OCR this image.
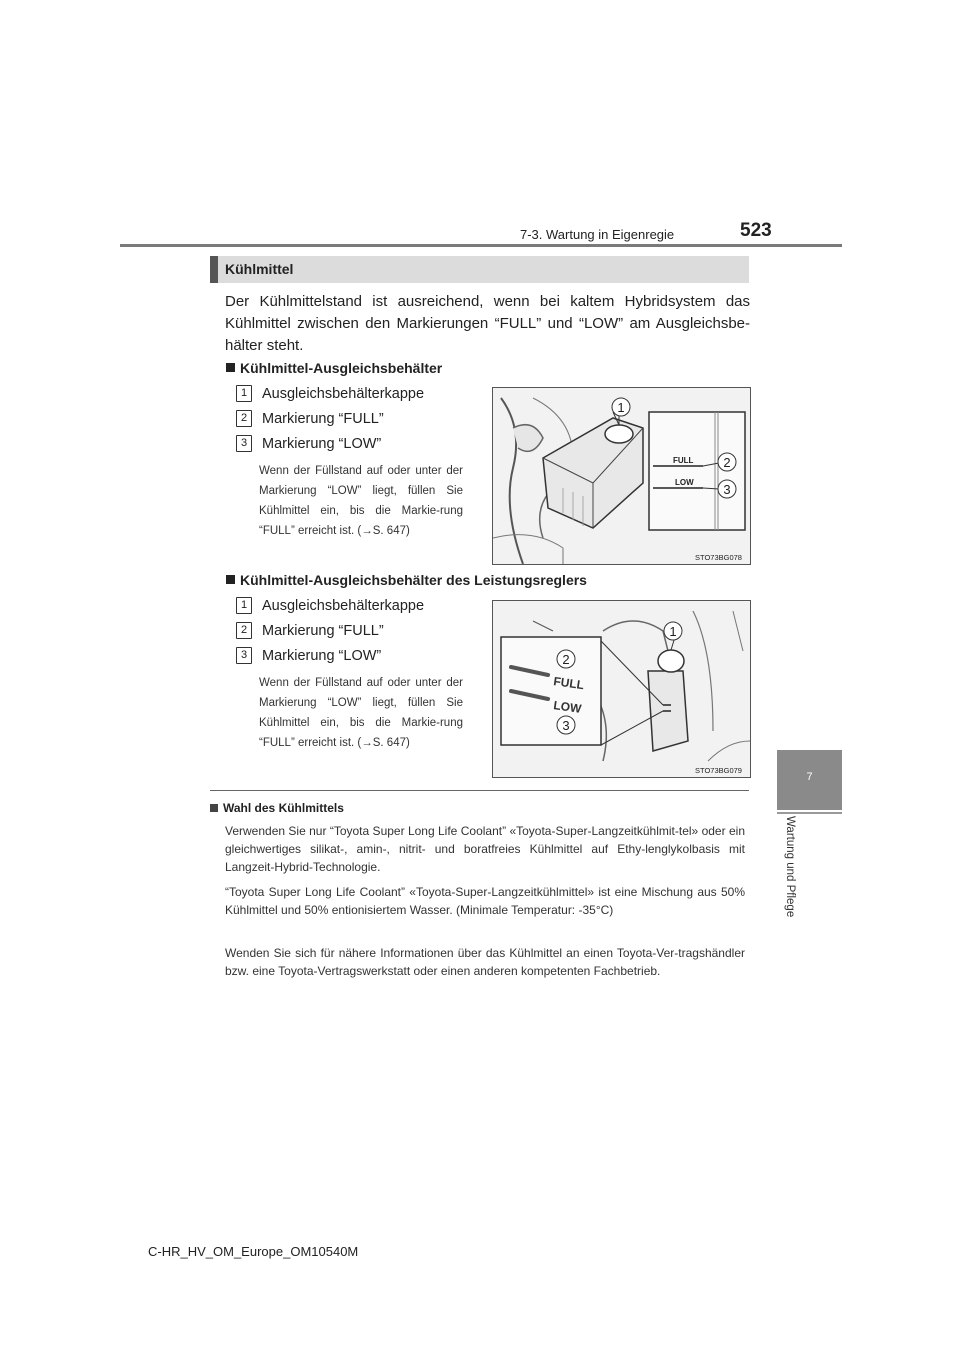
7-3. Wartung in Eigenregie	523
7
Wartung und Pflege
Kühlmittel
Der Kühlmittelstand ist ausreichend, wenn bei kaltem Hybridsystem das Kühlmittel zwischen den Markierungen “FULL” und “LOW” am Ausgleichsbe-hälter steht.
Kühlmittel-Ausgleichsbehälter
1 Ausgleichsbehälterkappe
2 Markierung “FULL”
3 Markierung “LOW”
Wenn der Füllstand auf oder unter der Markierung “LOW” liegt, füllen Sie Kühlmittel ein, bis die Markie-rung “FULL” erreicht ist. (→S. 647)
FULL
LOW
1
2
3
STO73BG078
Kühlmittel-Ausgleichsbehälter des Leistungsreglers
1 Ausgleichsbehälterkappe
2 Markierung “FULL”
3 Markierung “LOW”
Wenn der Füllstand auf oder unter der Markierung “LOW” liegt, füllen Sie Kühlmittel ein, bis die Markie-rung “FULL” erreicht ist. (→S. 647)
FULL
LOW
1
2
3
STO73BG079
Wahl des Kühlmittels
Verwenden Sie nur “Toyota Super Long Life Coolant” «Toyota-Super-Langzeitkühlmit-tel» oder ein gleichwertiges silikat-, amin-, nitrit- und boratfreies Kühlmittel auf Ethy-lenglykolbasis mit Langzeit-Hybrid-Technologie.
“Toyota Super Long Life Coolant” «Toyota-Super-Langzeitkühlmittel» ist eine Mischung aus 50% Kühlmittel und 50% entionisiertem Wasser. (Minimale Temperatur: -35°C)
Wenden Sie sich für nähere Informationen über das Kühlmittel an einen Toyota-Ver-tragshändler bzw. eine Toyota-Vertragswerkstatt oder einen anderen kompetenten Fachbetrieb.
C-HR_HV_OM_Europe_OM10540M
